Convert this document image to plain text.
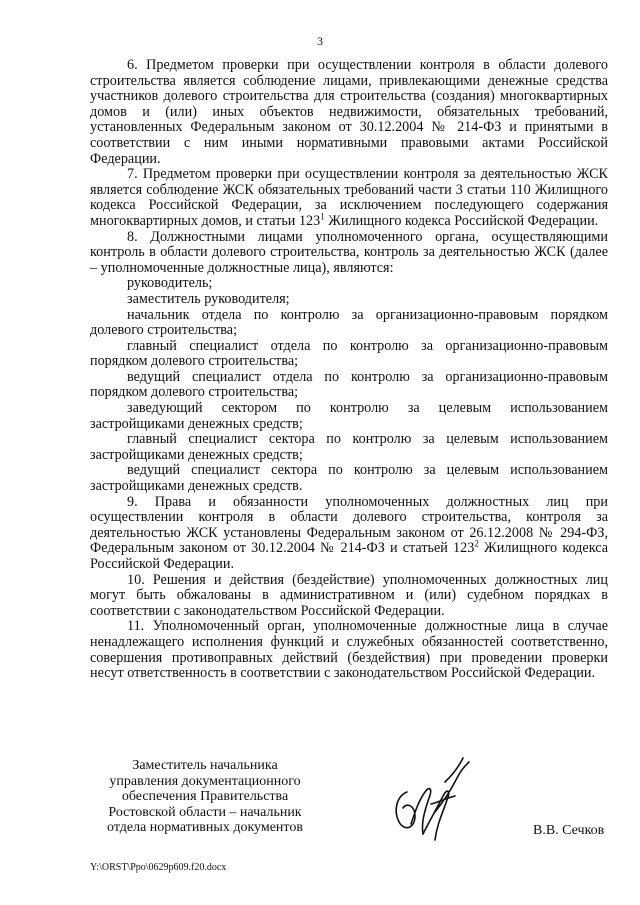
3

6. Предметом проверки при осуществлении контроля в области долевого строительства является соблюдение лицами, привлекающими денежные средства участников долевого строительства для строительства (создания) многоквартирных домов и (или) иных объектов недвижимости, обязательных требований, установленных Федеральным законом от 30.12.2004 № 214-ФЗ и принятыми в соответствии с ним иными нормативными правовыми актами Российской Федерации.

7. Предметом проверки при осуществлении контроля за деятельностью ЖСК является соблюдение ЖСК обязательных требований части 3 статьи 110 Жилищного кодекса Российской Федерации, за исключением последующего содержания многоквартирных домов, и статьи $123^1$ Жилищного кодекса Российской Федерации.

8. Должностными лицами уполномоченного органа, осуществляющими контроль в области долевого строительства, контроль за деятельностью ЖСК (далее – уполномоченные должностные лица), являются:

руководитель;

заместитель руководителя;

начальник отдела по контролю за организационно-правовым порядком долевого строительства;

главный специалист отдела по контролю за организационно-правовым порядком долевого строительства;

ведущий специалист отдела по контролю за организационно-правовым порядком долевого строительства;

заведующий сектором по контролю за целевым использованием застройщиками денежных средств;

главный специалист сектора по контролю за целевым использованием застройщиками денежных средств;

ведущий специалист сектора по контролю за целевым использованием застройщиками денежных средств.

9. Права и обязанности уполномоченных должностных лиц при осуществлении контроля в области долевого строительства, контроля за деятельностью ЖСК установлены Федеральным законом от 26.12.2008 № 294-ФЗ, Федеральным законом от 30.12.2004 № 214-ФЗ и статьей $123^2$ Жилищного кодекса Российской Федерации.

10. Решения и действия (бездействие) уполномоченных должностных лиц могут быть обжалованы в административном и (или) судебном порядках в соответствии с законодательством Российской Федерации.

11. Уполномоченный орган, уполномоченные должностные лица в случае ненадлежащего исполнения функций и служебных обязанностей соответственно, совершения противоправных действий (бездействия) при проведении проверки несут ответственность в соответствии с законодательством Российской Федерации.

Заместитель начальника
управления документационного
обеспечения Правительства
Ростовской области – начальник
отдела нормативных документов	В.В. Сечков
Y:\ORST\Ppo\0629p609.f20.docx
